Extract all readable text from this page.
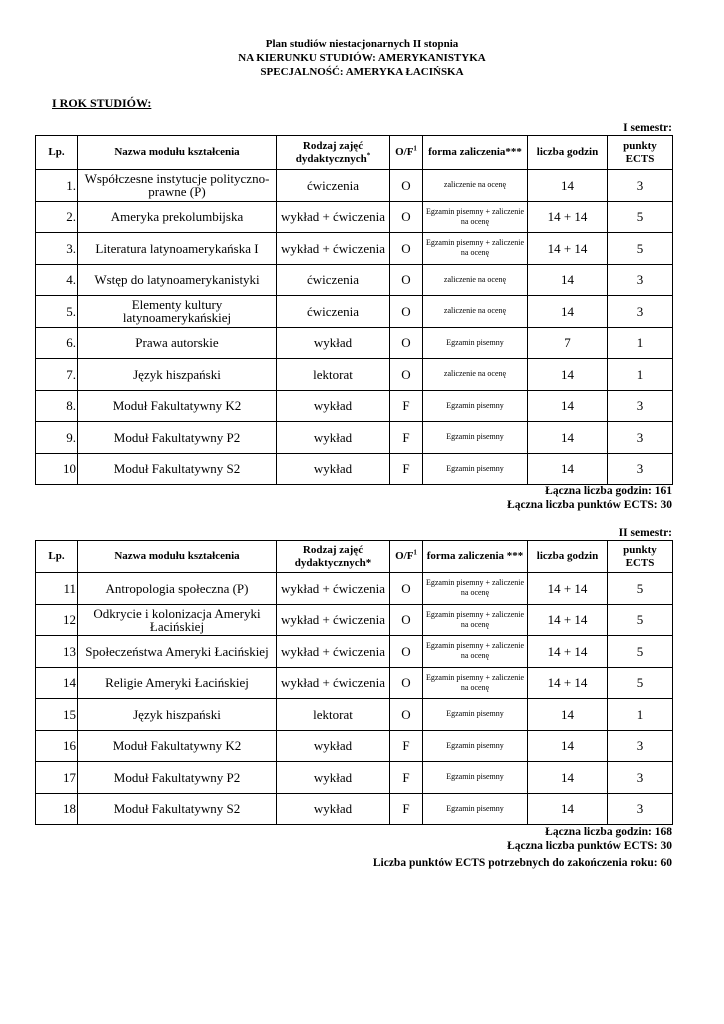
Plan studiów niestacjonarnych II stopnia
NA KIERUNKU STUDIÓW: AMERYKANISTYKA
SPECJALNOŚĆ: AMERYKA ŁACIŃSKA
I ROK STUDIÓW:
I semestr:
Lp.	Nazwa modułu kształcenia	Rodzaj zajęć dydaktycznych*	$O/F^1$	forma zaliczenia***	liczba godzin	punkty ECTS
1.	Współczesne instytucje polityczno-prawne (P)	ćwiczenia	O	zaliczenie na ocenę	14	3
2.	Ameryka prekolumbijska	wykład + ćwiczenia	O	Egzamin pisemny + zaliczenie na ocenę	14 + 14	5
3.	Literatura latynoamerykańska I	wykład + ćwiczenia	O	Egzamin pisemny + zaliczenie na ocenę	14 + 14	5
4.	Wstęp do latynoamerykanistyki	ćwiczenia	O	zaliczenie na ocenę	14	3
5.	Elementy kultury latynoamerykańskiej	ćwiczenia	O	zaliczenie na ocenę	14	3
6.	Prawa autorskie	wykład	O	Egzamin pisemny	7	1
7.	Język hiszpański	lektorat	O	zaliczenie na ocenę	14	1
8.	Moduł Fakultatywny K2	wykład	F	Egzamin pisemny	14	3
9.	Moduł Fakultatywny P2	wykład	F	Egzamin pisemny	14	3
10	Moduł Fakultatywny S2	wykład	F	Egzamin pisemny	14	3
Łączna liczba godzin: 161
Łączna liczba punktów ECTS: 30
II semestr:
Lp.	Nazwa modułu kształcenia	Rodzaj zajęć dydaktycznych*	$O/F^1$	forma zaliczenia ***	liczba godzin	punkty ECTS
11	Antropologia społeczna (P)	wykład + ćwiczenia	O	Egzamin pisemny + zaliczenie na ocenę	14 + 14	5
12	Odkrycie i kolonizacja Ameryki Łacińskiej	wykład + ćwiczenia	O	Egzamin pisemny + zaliczenie na ocenę	14 + 14	5
13	Społeczeństwa Ameryki Łacińskiej	wykład + ćwiczenia	O	Egzamin pisemny + zaliczenie na ocenę	14 + 14	5
14	Religie Ameryki Łacińskiej	wykład + ćwiczenia	O	Egzamin pisemny + zaliczenie na ocenę	14 + 14	5
15	Język hiszpański	lektorat	O	Egzamin pisemny	14	1
16	Moduł Fakultatywny K2	wykład	F	Egzamin pisemny	14	3
17	Moduł Fakultatywny P2	wykład	F	Egzamin pisemny	14	3
18	Moduł Fakultatywny S2	wykład	F	Egzamin pisemny	14	3
Łączna liczba godzin: 168
Łączna liczba punktów ECTS: 30
Liczba punktów ECTS potrzebnych do zakończenia roku: 60
